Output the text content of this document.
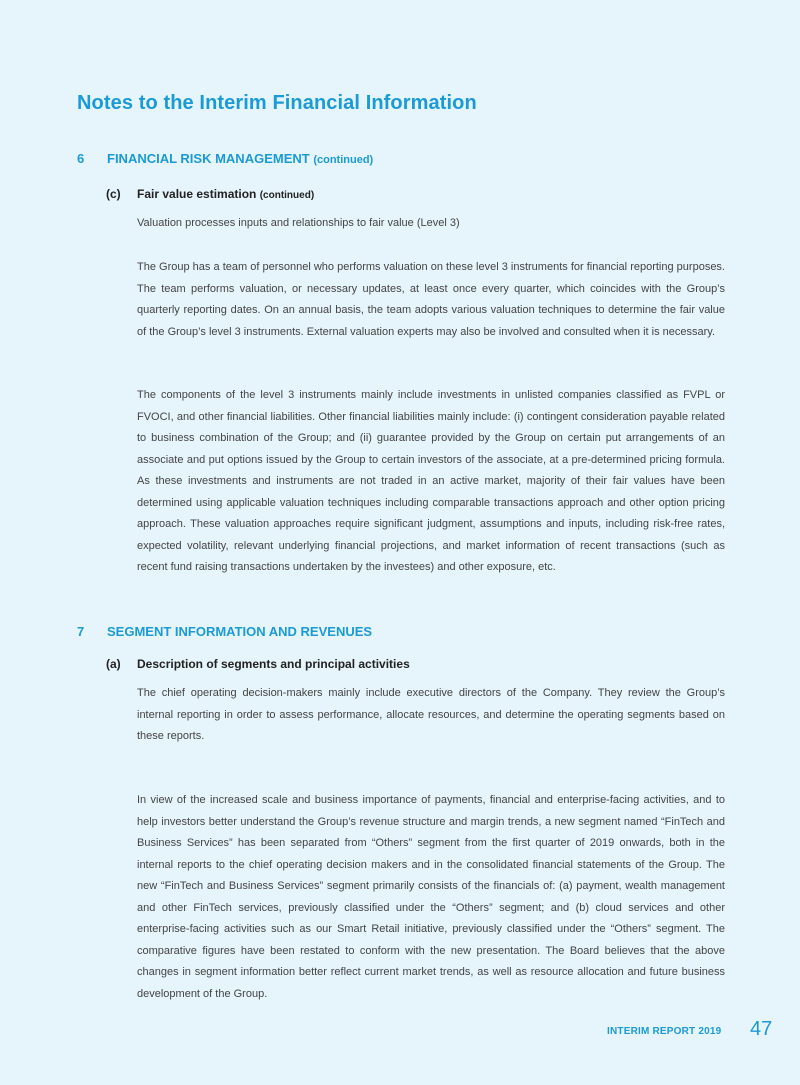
Notes to the Interim Financial Information
6 FINANCIAL RISK MANAGEMENT (continued)
(c) Fair value estimation (continued)

Valuation processes inputs and relationships to fair value (Level 3)

The Group has a team of personnel who performs valuation on these level 3 instruments for financial reporting purposes. The team performs valuation, or necessary updates, at least once every quarter, which coincides with the Group’s quarterly reporting dates. On an annual basis, the team adopts various valuation techniques to determine the fair value of the Group’s level 3 instruments. External valuation experts may also be involved and consulted when it is necessary.

The components of the level 3 instruments mainly include investments in unlisted companies classified as FVPL or FVOCI, and other financial liabilities. Other financial liabilities mainly include: (i) contingent consideration payable related to business combination of the Group; and (ii) guarantee provided by the Group on certain put arrangements of an associate and put options issued by the Group to certain investors of the associate, at a pre-determined pricing formula. As these investments and instruments are not traded in an active market, majority of their fair values have been determined using applicable valuation techniques including comparable transactions approach and other option pricing approach. These valuation approaches require significant judgment, assumptions and inputs, including risk-free rates, expected volatility, relevant underlying financial projections, and market information of recent transactions (such as recent fund raising transactions undertaken by the investees) and other exposure, etc.

7 SEGMENT INFORMATION AND REVENUES
(a) Description of segments and principal activities

The chief operating decision-makers mainly include executive directors of the Company. They review the Group’s internal reporting in order to assess performance, allocate resources, and determine the operating segments based on these reports.

In view of the increased scale and business importance of payments, financial and enterprise-facing activities, and to help investors better understand the Group’s revenue structure and margin trends, a new segment named “FinTech and Business Services” has been separated from “Others” segment from the first quarter of 2019 onwards, both in the internal reports to the chief operating decision makers and in the consolidated financial statements of the Group. The new “FinTech and Business Services” segment primarily consists of the financials of: (a) payment, wealth management and other FinTech services, previously classified under the “Others” segment; and (b) cloud services and other enterprise-facing activities such as our Smart Retail initiative, previously classified under the “Others” segment. The comparative figures have been restated to conform with the new presentation. The Board believes that the above changes in segment information better reflect current market trends, as well as resource allocation and future business development of the Group.

INTERIM REPORT 2019 47
